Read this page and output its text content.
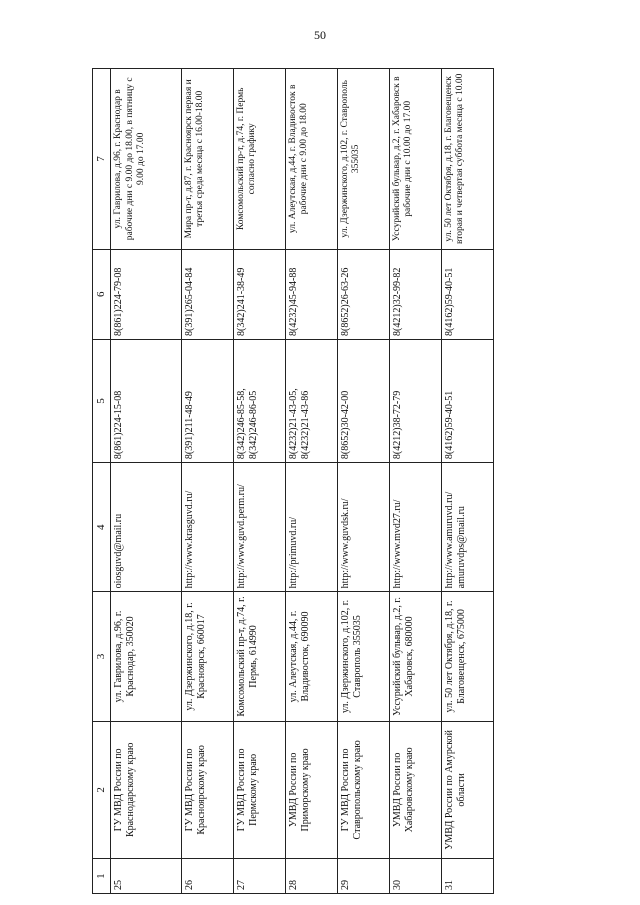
50
1	2	3	4	5	6	7
25	ГУ МВД России по Краснодарскому краю	ул. Гаврилова, д.96, г. Краснодар, 350020	oiosguvd@mail.ru	8(861)224-15-08	8(861)224-79-08	ул. Гаврилова, д.96, г. Краснодар в рабочие дни с 9.00 до 18.00, в пятницу с 9.00 до 17.00
26	ГУ МВД России по Красноярскому краю	ул. Дзержинского, д.18, г. Красноярск, 660017	http://www.krasguvd.ru/	8(391)211-48-49	8(391)265-04-84	Мира пр-т, д.87, г. Красноярск первая и третья среда месяца с 16.00-18.00
27	ГУ МВД России по Пермскому краю	Комсомольский пр-т, д.74, г. Пермь, 614990	http://www.guvd.perm.ru/	8(342)246-85-58, 8(342)246-86-05	8(342)241-38-49	Комсомольский пр-т, д.74, г. Пермь согласно графику
28	УМВД России по Приморскому краю	ул. Алеутская, д.44, г. Владивосток, 690090	http://primuvd.ru/	8(4232)21-43-05, 8(4232)21-43-86	8(4232)45-94-88	ул. Алеутская, д.44, г. Владивосток в рабочие дни с 9.00 до 18.00
29	ГУ МВД России по Ставропольскому краю	ул. Дзержинского, д.102, г. Ставрополь 355035	http://www.guvdsk.ru/	8(8652)30-42-00	8(8652)26-63-26	ул. Дзержинского, д.102, г. Ставрополь 355035
30	УМВД России по Хабаровскому краю	Уссурийский бульвар, д.2, г. Хабаровск, 680000	http://www.mvd27.ru/	8(4212)38-72-79	8(4212)32-99-82	Уссурийский бульвар, д.2, г. Хабаровск в рабочие дни с 10.00 до 17.00
31	УМВД России по Амурской области	ул. 50 лет Октября, д.18, г. Благовещенск, 675000	http://www.amuruvd.ru/ amuruvdps@mail.ru	8(4162)59-40-51	8(4162)59-40-51	ул. 50 лет Октября, д.18, г. Благовещенск вторая и четвертая суббота месяца с 10.00
